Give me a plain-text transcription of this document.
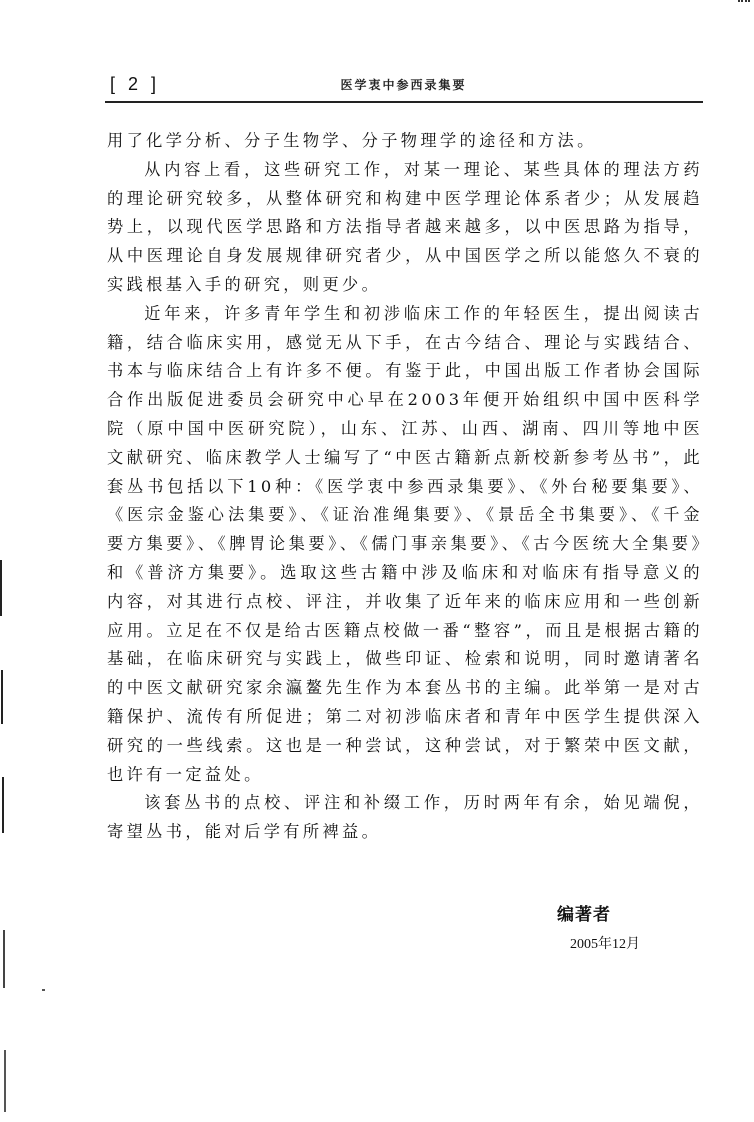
[ 2 ]	医学衷中参西录集要

用了化学分析、分子生物学、分子物理学的途径和方法。

从内容上看，这些研究工作，对某一理论、某些具体的理法方药的理论研究较多，从整体研究和构建中医学理论体系者少；从发展趋势上，以现代医学思路和方法指导者越来越多，以中医思路为指导，从中医理论自身发展规律研究者少，从中国医学之所以能悠久不衰的实践根基入手的研究，则更少。

近年来，许多青年学生和初涉临床工作的年轻医生，提出阅读古籍，结合临床实用，感觉无从下手，在古今结合、理论与实践结合、书本与临床结合上有许多不便。有鉴于此，中国出版工作者协会国际合作出版促进委员会研究中心早在2003年便开始组织中国中医科学院（原中国中医研究院），山东、江苏、山西、湖南、四川等地中医文献研究、临床教学人士编写了“中医古籍新点新校新参考丛书”，此套丛书包括以下10种：《医学衷中参西录集要》、《外台秘要集要》、《医宗金鉴心法集要》、《证治准绳集要》、《景岳全书集要》、《千金要方集要》、《脾胃论集要》、《儒门事亲集要》、《古今医统大全集要》和《普济方集要》。选取这些古籍中涉及临床和对临床有指导意义的内容，对其进行点校、评注，并收集了近年来的临床应用和一些创新应用。立足在不仅是给古医籍点校做一番“整容”，而且是根据古籍的基础，在临床研究与实践上，做些印证、检索和说明，同时邀请著名的中医文献研究家余瀛鳌先生作为本套丛书的主编。此举第一是对古籍保护、流传有所促进；第二对初涉临床者和青年中医学生提供深入研究的一些线索。这也是一种尝试，这种尝试，对于繁荣中医文献，也许有一定益处。

该套丛书的点校、评注和补缀工作，历时两年有余，始见端倪，寄望丛书，能对后学有所裨益。

编著者
2005年12月
